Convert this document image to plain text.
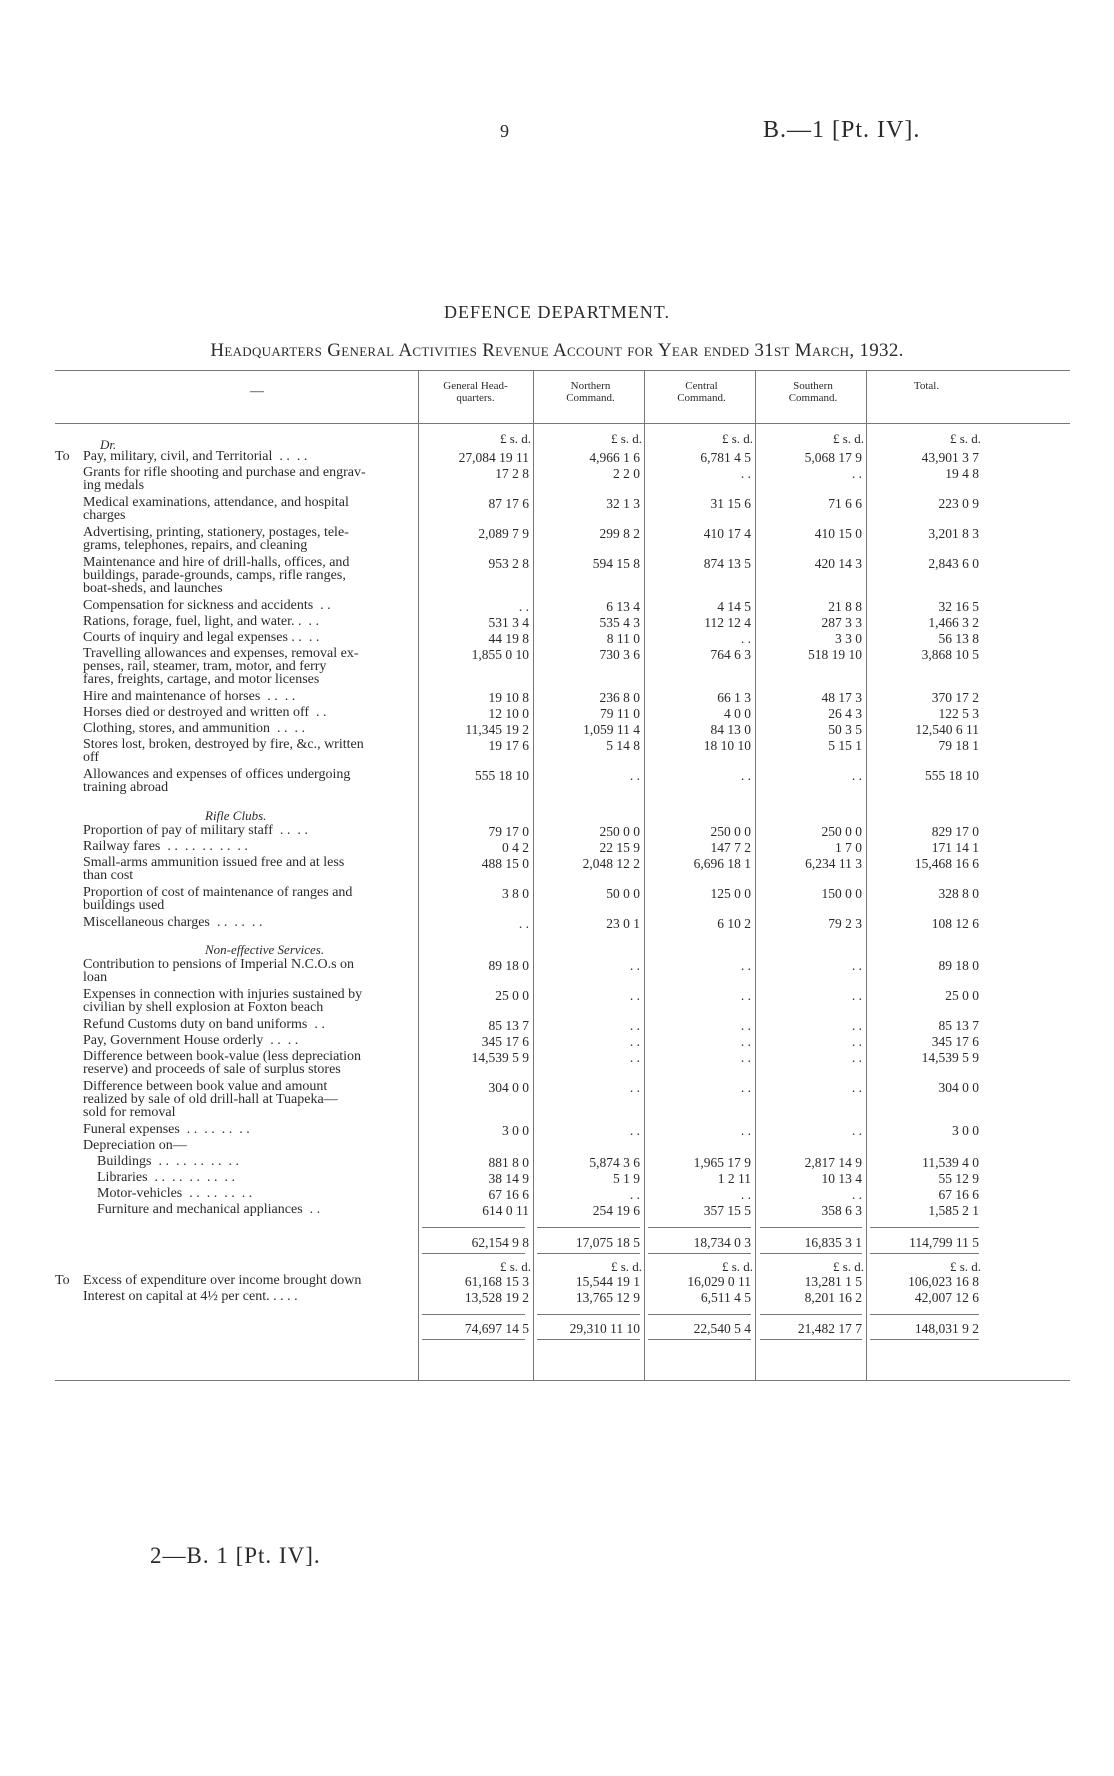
9	B.—1 [Pt. IV].
DEFENCE DEPARTMENT.
Headquarters General Activities Revenue Account for Year ended 31st March, 1932.
—	General Head-
quarters.
Northern
Command.
Central
Command.
Southern
Command.
Total.
Dr.	£ s. d.	£ s. d.	£ s. d.	£ s. d.	£ s. d.
Pay, military, civil, and Territorial  . .  . .
To	27,084 19 11	4,966 1 6	6,781 4 5	5,068 17 9	43,901 3 7
Grants for rifle shooting and purchase and engrav-
ing medals
17 2 8	2 2 0	. .	. .	19 4 8
Medical examinations, attendance, and hospital
charges
87 17 6	32 1 3	31 15 6	71 6 6	223 0 9
Advertising, printing, stationery, postages, tele-
grams, telephones, repairs, and cleaning
2,089 7 9	299 8 2	410 17 4	410 15 0	3,201 8 3
Maintenance and hire of drill-halls, offices, and
buildings, parade-grounds, camps, rifle ranges,
boat-sheds, and launches
953 2 8	594 15 8	874 13 5	420 14 3	2,843 6 0
Compensation for sickness and accidents  . .	. .	6 13 4	4 14 5	21 8 8	32 16 5
Rations, forage, fuel, light, and water. .  . .	531 3 4	535 4 3	112 12 4	287 3 3	1,466 3 2
Courts of inquiry and legal expenses . .  . .	44 19 8	8 11 0	. .	3 3 0	56 13 8
Travelling allowances and expenses, removal ex-
penses, rail, steamer, tram, motor, and ferry
fares, freights, cartage, and motor licenses
1,855 0 10	730 3 6	764 6 3	518 19 10	3,868 10 5
Hire and maintenance of horses  . .  . .	19 10 8	236 8 0	66 1 3	48 17 3	370 17 2
Horses died or destroyed and written off  . .	12 10 0	79 11 0	4 0 0	26 4 3	122 5 3
Clothing, stores, and ammunition  . .  . .	11,345 19 2	1,059 11 4	84 13 0	50 3 5	12,540 6 11
Stores lost, broken, destroyed by fire, &c., written
off
19 17 6	5 14 8	18 10 10	5 15 1	79 18 1
Allowances and expenses of offices undergoing
training abroad
555 18 10	. .	. .	. .	555 18 10
Rifle Clubs.
Proportion of pay of military staff  . .  . .	79 17 0	250 0 0	250 0 0	250 0 0	829 17 0
Railway fares  . .  . .  . .  . .  . .	0 4 2	22 15 9	147 7 2	1 7 0	171 14 1
Small-arms ammunition issued free and at less
than cost
488 15 0	2,048 12 2	6,696 18 1	6,234 11 3	15,468 16 6
Proportion of cost of maintenance of ranges and
buildings used
3 8 0	50 0 0	125 0 0	150 0 0	328 8 0
Miscellaneous charges  . .  . .  . .	. .	23 0 1	6 10 2	79 2 3	108 12 6
Non-effective Services.
Contribution to pensions of Imperial N.C.O.s on
loan
89 18 0	. .	. .	. .	89 18 0
Expenses in connection with injuries sustained by
civilian by shell explosion at Foxton beach
25 0 0	. .	. .	. .	25 0 0
Refund Customs duty on band uniforms  . .	85 13 7	. .	. .	. .	85 13 7
Pay, Government House orderly  . .  . .	345 17 6	. .	. .	. .	345 17 6
Difference between book-value (less depreciation
reserve) and proceeds of sale of surplus stores
14,539 5 9	. .	. .	. .	14,539 5 9
Difference between book value and amount
realized by sale of old drill-hall at Tuapeka—
sold for removal
304 0 0	. .	. .	. .	304 0 0
Funeral expenses  . .  . .  . .  . .	3 0 0	. .	. .	. .	3 0 0
Depreciation on—
Buildings  . .  . .  . .  . .  . .	881 8 0	5,874 3 6	1,965 17 9	2,817 14 9	11,539 4 0
Libraries  . .  . .  . .  . .  . .	38 14 9	5 1 9	1 2 11	10 13 4	55 12 9
Motor-vehicles  . .  . .  . .  . .	67 16 6	. .	. .	. .	67 16 6
Furniture and mechanical appliances  . .	614 0 11	254 19 6	357 15 5	358 6 3	1,585 2 1
62,154 9 8	17,075 18 5	18,734 0 3	16,835 3 1	114,799 11 5
£ s. d.	£ s. d.	£ s. d.	£ s. d.	£ s. d.
To Excess of expenditure over income brought down	61,168 15 3	15,544 19 1	16,029 0 11	13,281 1 5	106,023 16 8
Interest on capital at 4½ per cent. . . . .	13,528 19 2	13,765 12 9	6,511 4 5	8,201 16 2	42,007 12 6
74,697 14 5	29,310 11 10	22,540 5 4	21,482 17 7	148,031 9 2
2—B. 1 [Pt. IV].
